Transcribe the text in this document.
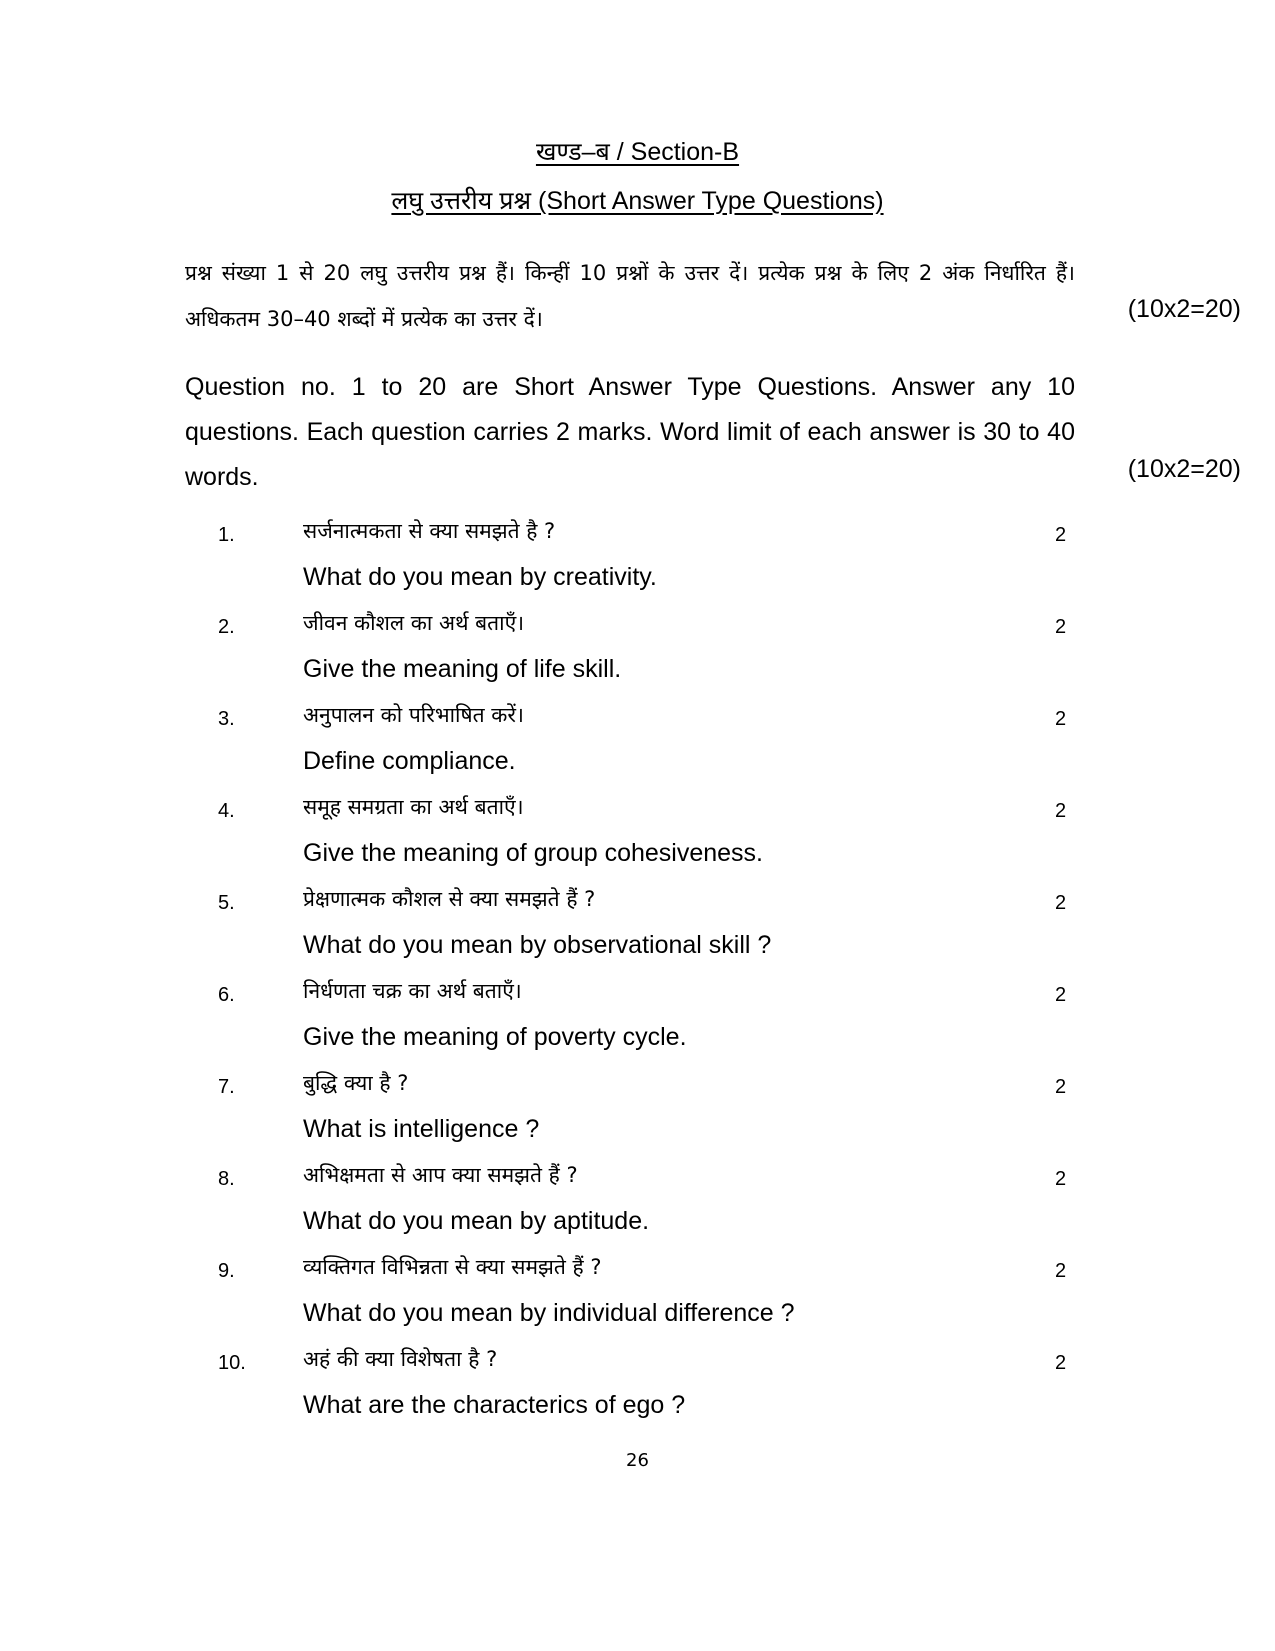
खण्ड–ब / Section-B
लघु उत्तरीय प्रश्न (Short Answer Type Questions)
प्रश्न संख्या 1 से 20 लघु उत्तरीय प्रश्न हैं। किन्हीं 10 प्रश्नों के उत्तर दें। प्रत्येक प्रश्न के लिए 2 अंक निर्धारित हैं। अधिकतम 30–40 शब्दों में प्रत्येक का उत्तर दें।	(10x2=20)
Question no. 1 to 20 are Short Answer Type Questions. Answer any 10 questions. Each question carries 2 marks. Word limit of each answer is 30 to 40 words.	(10x2=20)
1.	सर्जनात्मकता से क्या समझते है ?	2
What do you mean by creativity.
2.	जीवन कौशल का अर्थ बताएँ।	2
Give the meaning of life skill.
3.	अनुपालन को परिभाषित करें।	2
Define compliance.
4.	समूह समग्रता का अर्थ बताएँ।	2
Give the meaning of group cohesiveness.
5.	प्रेक्षणात्मक कौशल से क्या समझते हैं ?	2
What do you mean by observational skill ?
6.	निर्धणता चक्र का अर्थ बताएँ।	2
Give the meaning of poverty cycle.
7.	बुद्धि क्या है ?	2
What is intelligence ?
8.	अभिक्षमता से आप क्या समझते हैं ?	2
What do you mean by aptitude.
9.	व्यक्तिगत विभिन्नता से क्या समझते हैं ?	2
What do you mean by individual difference ?
10.	अहं की क्या विशेषता है ?	2
What are the characterics of ego ?
26
